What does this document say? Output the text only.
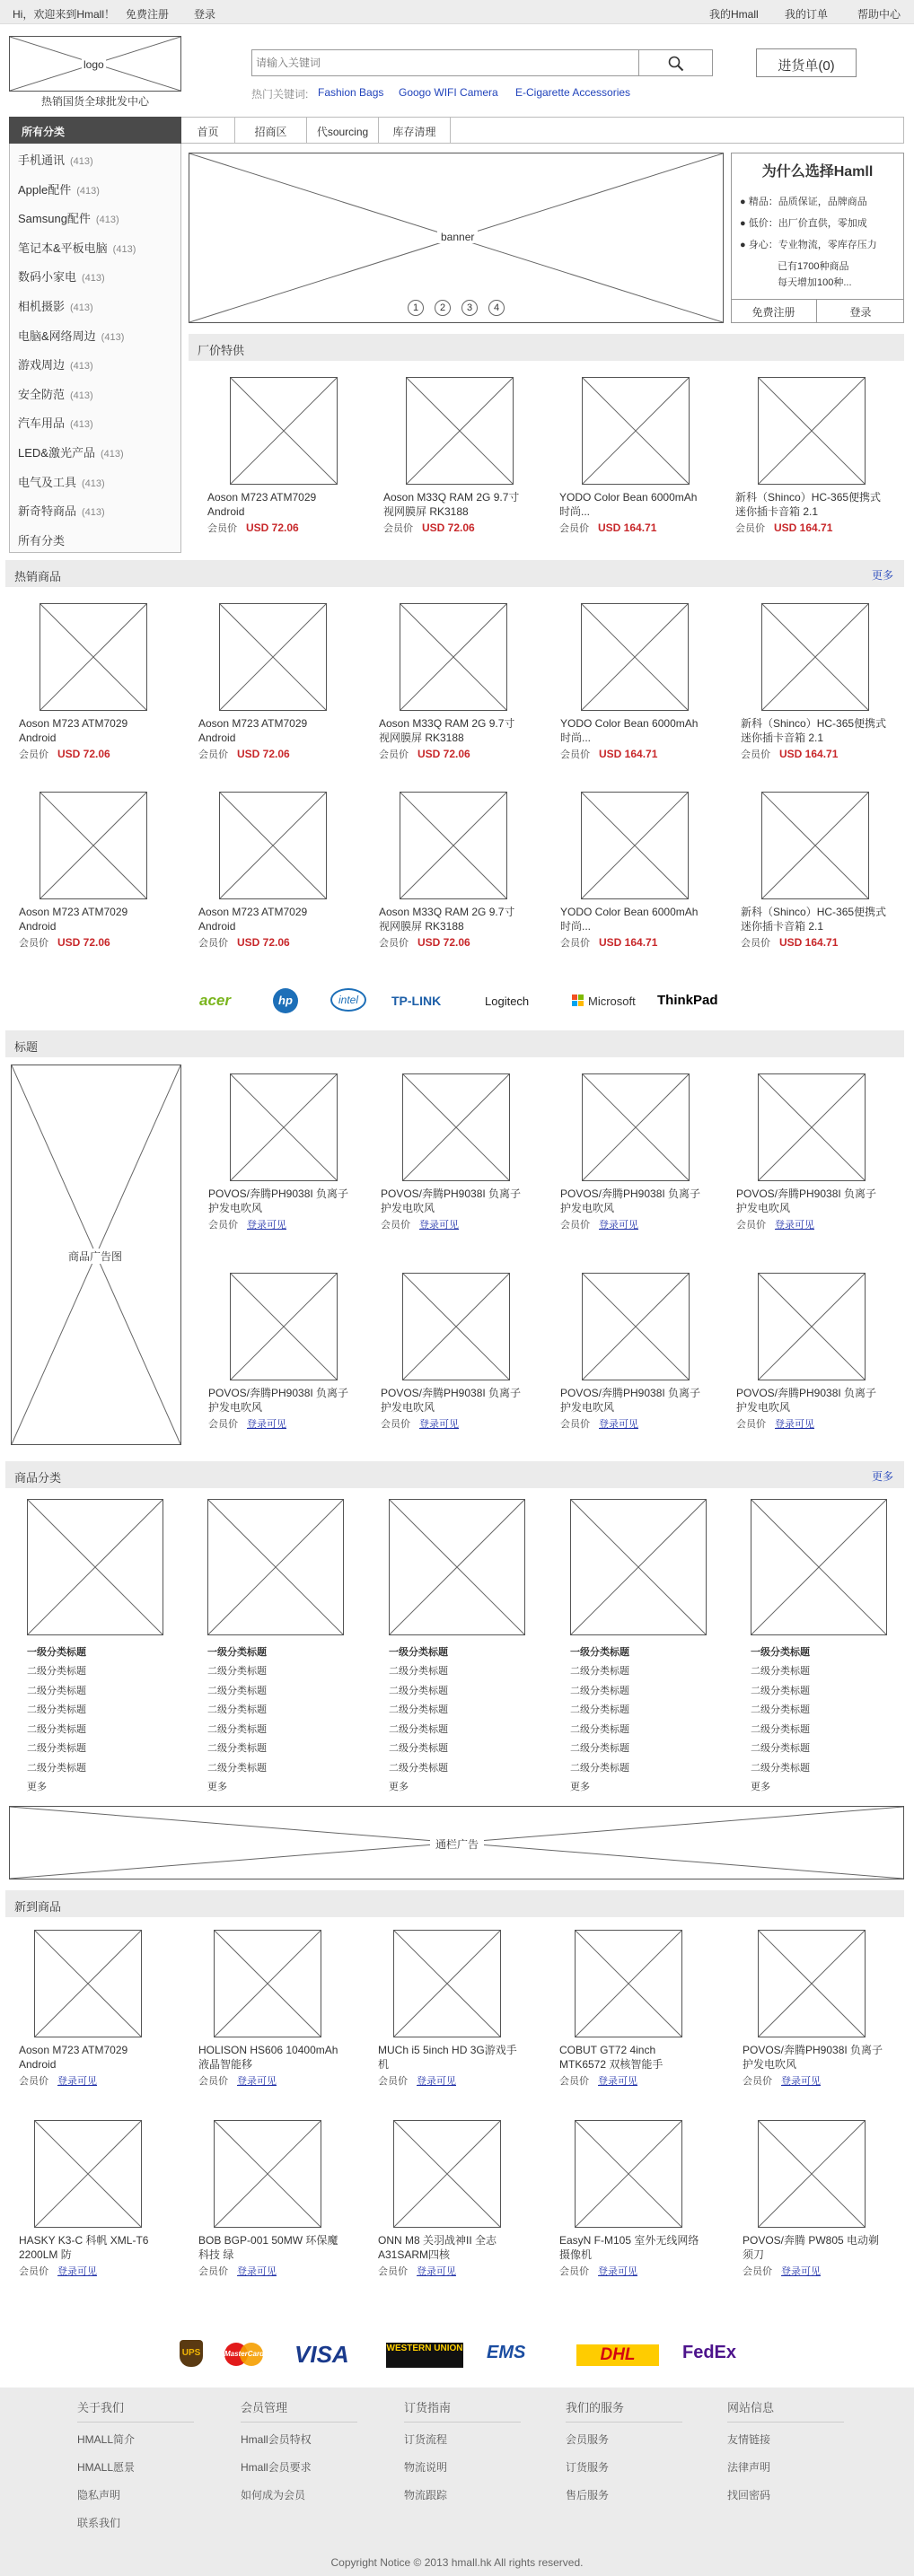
Hi，欢迎来到Hmall！ 免费注册 登录	我的Hmall 我的订单	帮助中心
logo
热销国货全球批发中心
请输入关键词
热门关键词: Fashion Bags Googo WIFI Camera E-Cigarette Accessories
进货单(0)
所有分类	首页	招商区	代sourcing	库存清理
手机通讯 (413)
Apple配件 (413)
Samsung配件 (413)
笔记本&平板电脑 (413)
数码小家电 (413)
相机摄影 (413)
电脑&网络周边 (413)
游戏周边 (413)
安全防范 (413)
汽车用品 (413)
LED&激光产品 (413)
电气及工具 (413)
新奇特商品 (413)
所有分类
banner
1	2	3	4
为什么选择Hamll
● 精品：品质保证，品牌商品
● 低价：出厂价直供，零加成
● 身心：专业物流，零库存压力
已有1700种商品
每天增加100种...
免费注册	登录
厂价特供
Aoson M723 ATM7029
Android
会员价 USD 72.06
Aoson M33Q RAM 2G 9.7寸
视网膜屏 RK3188
会员价 USD 72.06
YODO Color Bean 6000mAh
时尚...
会员价 USD 164.71
新科（Shinco）HC-365便携式
迷你插卡音箱 2.1
会员价 USD 164.71
热销商品	更多
Aoson M723 ATM7029
Android
会员价 USD 72.06
Aoson M723 ATM7029
Android
会员价 USD 72.06
Aoson M33Q RAM 2G 9.7寸
视网膜屏 RK3188
会员价 USD 72.06
YODO Color Bean 6000mAh
时尚...
会员价 USD 164.71
新科（Shinco）HC-365便携式
迷你插卡音箱 2.1
会员价 USD 164.71
Aoson M723 ATM7029
Android
会员价 USD 72.06
Aoson M723 ATM7029
Android
会员价 USD 72.06
Aoson M33Q RAM 2G 9.7寸
视网膜屏 RK3188
会员价 USD 72.06
YODO Color Bean 6000mAh
时尚...
会员价 USD 164.71
新科（Shinco）HC-365便携式
迷你插卡音箱 2.1
会员价 USD 164.71
acer	hp	intel	TP-LINK	Logitech	Microsoft ThinkPad
标题
商品广告图
POVOS/奔腾PH9038I 负离子
护发电吹风
会员价 登录可见
POVOS/奔腾PH9038I 负离子
护发电吹风
会员价 登录可见
POVOS/奔腾PH9038I 负离子
护发电吹风
会员价 登录可见
POVOS/奔腾PH9038I 负离子
护发电吹风
会员价 登录可见
POVOS/奔腾PH9038I 负离子
护发电吹风
会员价 登录可见
POVOS/奔腾PH9038I 负离子
护发电吹风
会员价 登录可见
POVOS/奔腾PH9038I 负离子
护发电吹风
会员价 登录可见
POVOS/奔腾PH9038I 负离子
护发电吹风
会员价 登录可见
商品分类	更多
一级分类标题
二级分类标题
二级分类标题
二级分类标题
二级分类标题
二级分类标题
二级分类标题
更多
一级分类标题
二级分类标题
二级分类标题
二级分类标题
二级分类标题
二级分类标题
二级分类标题
更多
一级分类标题
二级分类标题
二级分类标题
二级分类标题
二级分类标题
二级分类标题
二级分类标题
更多
一级分类标题
二级分类标题
二级分类标题
二级分类标题
二级分类标题
二级分类标题
二级分类标题
更多
一级分类标题
二级分类标题
二级分类标题
二级分类标题
二级分类标题
二级分类标题
二级分类标题
更多
通栏广告
新到商品
Aoson M723 ATM7029
Android
会员价 登录可见
HOLISON HS606 10400mAh
液晶智能移
会员价 登录可见
MUCh i5 5inch HD 3G游戏手
机
会员价 登录可见
COBUT GT72 4inch
MTK6572 双核智能手
会员价 登录可见
POVOS/奔腾PH9038I 负离子
护发电吹风
会员价 登录可见
HASKY K3-C 科帆 XML-T6
2200LM 防
会员价 登录可见
BOB BGP-001 50MW 环保魔
科技 绿
会员价 登录可见
ONN M8 关羽战神II 全志
A31SARM四核
会员价 登录可见
EasyN F-M105 室外无线网络
摄像机
会员价 登录可见
POVOS/奔腾 PW805 电动剃
须刀
会员价 登录可见
UPS	MasterCard VISA	WESTERN UNION EMS	DHL	FedEx
关于我们
HMALL简介
HMALL愿景
隐私声明
联系我们
会员管理
Hmall会员特权
Hmall会员要求
如何成为会员
订货指南
订货流程
物流说明
物流跟踪
我们的服务
会员服务
订货服务
售后服务
网站信息
友情链接
法律声明
找回密码
Copyright Notice © 2013 hmall.hk All rights reserved.
